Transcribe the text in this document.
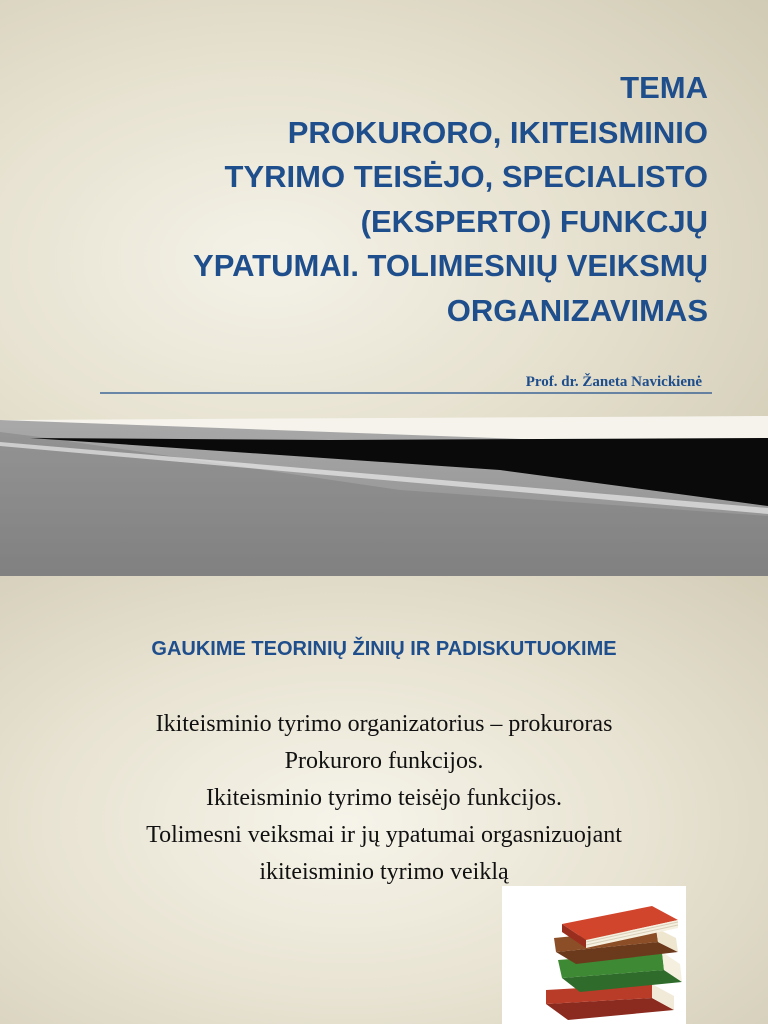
TEMA
PROKURORO, IKITEISMINIO
TYRIMO TEISĖJO, SPECIALISTO
(EKSPERTO) FUNKCJŲ
YPATUMAI. TOLIMESNIŲ VEIKSMŲ
ORGANIZAVIMAS

Prof. dr. Žaneta Navickienė

GAUKIME TEORINIŲ ŽINIŲ IR PADISKUTUOKIME
Ikiteisminio tyrimo organizatorius – prokuroras
Prokuroro funkcijos.
Ikiteisminio tyrimo teisėjo funkcijos.
Tolimesni veiksmai ir jų ypatumai orgasnizuojant
ikiteisminio tyrimo veiklą
